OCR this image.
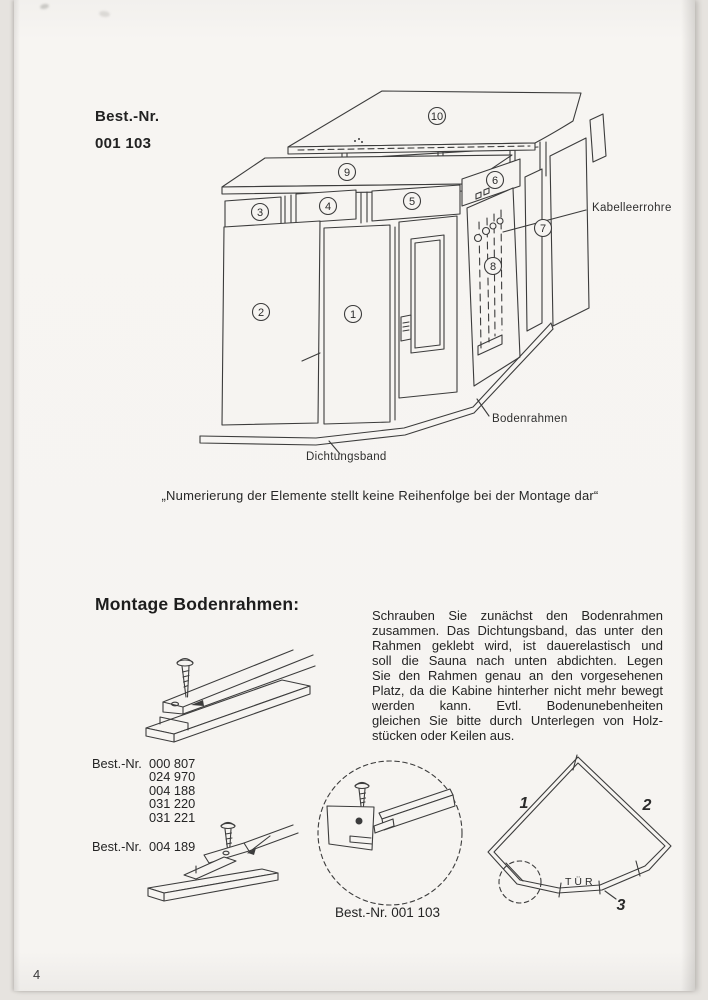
Best.-Nr.
001 103
1
2
3	4	5
6
7
8
9
10
Kabelleerrohre
Bodenrahmen
Dichtungsband
„Numerierung der Elemente stellt keine Reihenfolge bei der Montage dar“
Montage Bodenrahmen:
Schrauben Sie zunächst den Bodenrahmen
zusammen. Das Dichtungsband, das unter den
Rahmen geklebt wird, ist dauerelastisch und
soll die Sauna nach unten abdichten. Legen
Sie den Rahmen genau an den vorgesehenen
Platz, da die Kabine hinterher nicht mehr bewegt
werden kann. Evtl. Bodenunebenheiten
gleichen Sie bitte durch Unterlegen von Holz-
stücken oder Keilen aus.
Best.-Nr. 000 807
024 970
004 188
031 220
031 221
Best.-Nr. 004 189
Best.-Nr. 001 103
1	2
3
TÜR
4
